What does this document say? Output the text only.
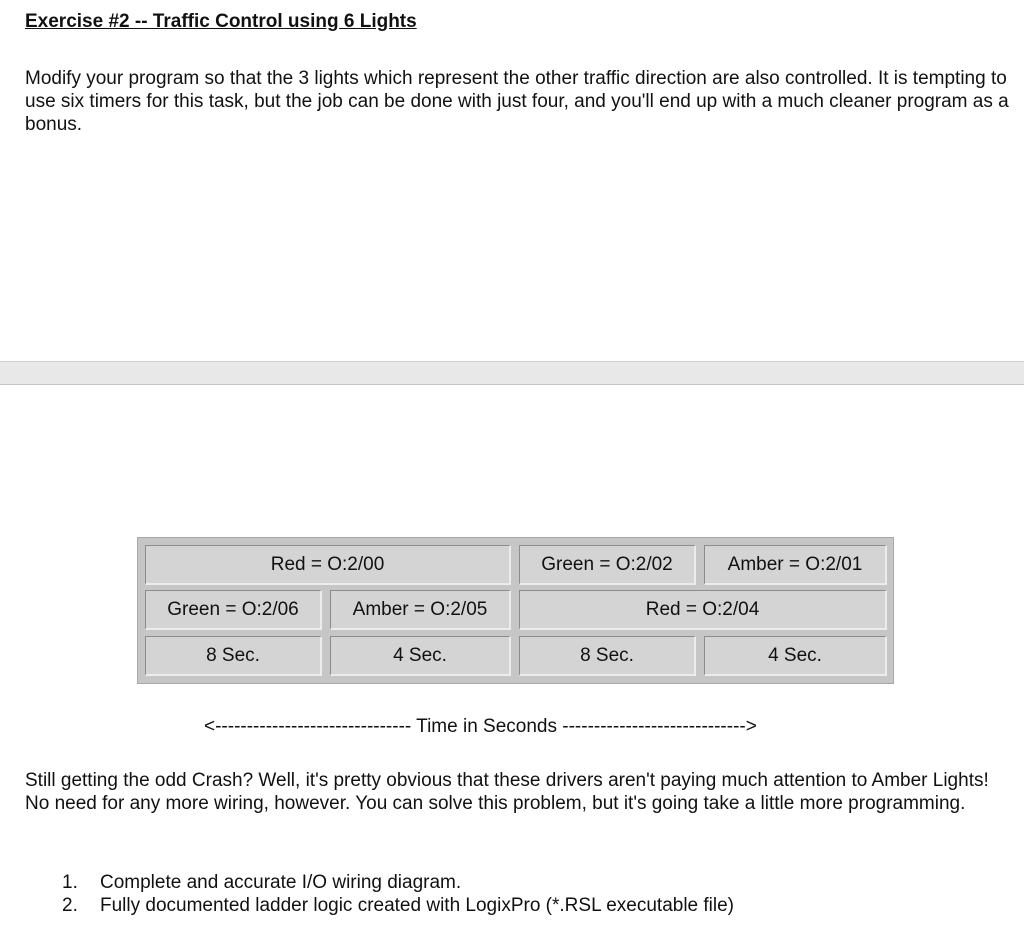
Exercise #2 -- Traffic Control using 6 Lights

Modify your program so that the 3 lights which represent the other traffic direction are also controlled. It is tempting to use six timers for this task, but the job can be done with just four, and you'll end up with a much cleaner program as a bonus.

Red = O:2/00	Green = O:2/02	Amber = O:2/01
Green = O:2/06	Amber = O:2/05	Red = O:2/04
8 Sec.	4 Sec.	8 Sec.	4 Sec.

<------------------------------- Time in Seconds ----------------------------->

Still getting the odd Crash? Well, it's pretty obvious that these drivers aren't paying much attention to Amber Lights! No need for any more wiring, however. You can solve this problem, but it's going take a little more programming.

1. Complete and accurate I/O wiring diagram.
2. Fully documented ladder logic created with LogixPro (*.RSL executable file)
